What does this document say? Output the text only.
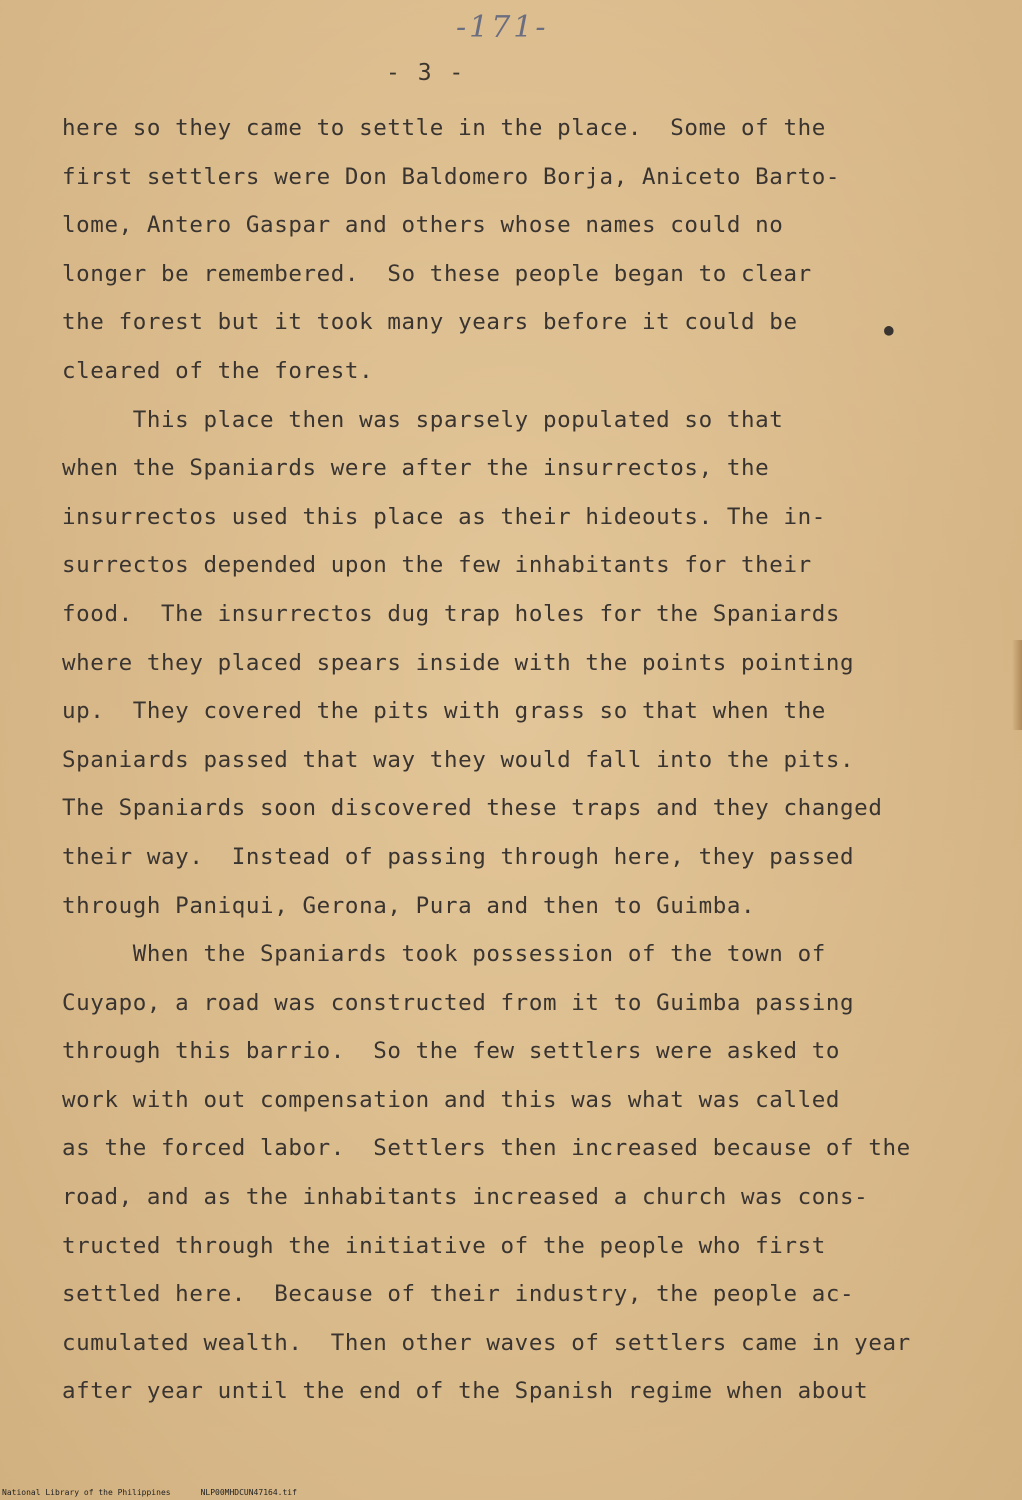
-171-
- 3 -
●
here so they came to settle in the place.  Some of the
first settlers were Don Baldomero Borja, Aniceto Barto-
lome, Antero Gaspar and others whose names could no
longer be remembered.  So these people began to clear
the forest but it took many years before it could be
cleared of the forest.
This place then was sparsely populated so that
when the Spaniards were after the insurrectos, the
insurrectos used this place as their hideouts. The in-
surrectos depended upon the few inhabitants for their
food.  The insurrectos dug trap holes for the Spaniards
where they placed spears inside with the points pointing
up.  They covered the pits with grass so that when the
Spaniards passed that way they would fall into the pits.
The Spaniards soon discovered these traps and they changed
their way.  Instead of passing through here, they passed
through Paniqui, Gerona, Pura and then to Guimba.
When the Spaniards took possession of the town of
Cuyapo, a road was constructed from it to Guimba passing
through this barrio.  So the few settlers were asked to
work with out compensation and this was what was called
as the forced labor.  Settlers then increased because of the
road, and as the inhabitants increased a church was cons-
tructed through the initiative of the people who first
settled here.  Because of their industry, the people ac-
cumulated wealth.  Then other waves of settlers came in year
after year until the end of the Spanish regime when about
National Library of the Philippines	NLP00MHDCUN47164.tif
